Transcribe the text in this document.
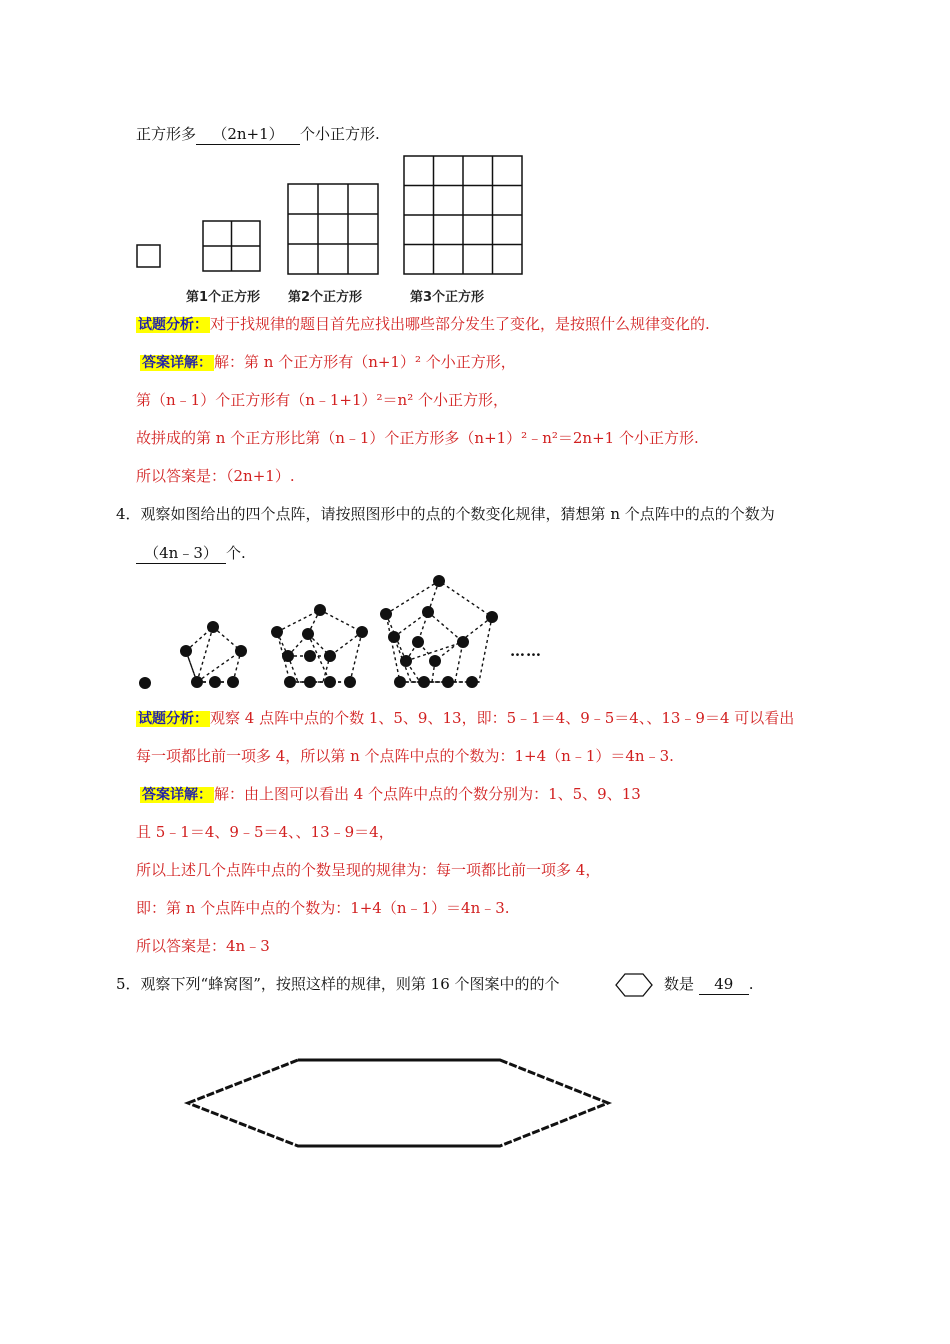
正方形多 （2n+1） 个小正方形.
第1个正方形 第2个正方形	第3个正方形
试题分析： 对于找规律的题目首先应找出哪些部分发生了变化，是按照什么规律变化的.
答案详解： 解：第 n 个正方形有（n+1）² 个小正方形，
第（n﹣1）个正方形有（n﹣1+1）²＝n² 个小正方形，
故拼成的第 n 个正方形比第（n﹣1）个正方形多（n+1）²﹣n²＝2n+1 个小正方形.
所以答案是：（2n+1）.
4．观察如图给出的四个点阵，请按照图形中的点的个数变化规律，猜想第 n 个点阵中的点的个数为
（4n﹣3） 个.
……
试题分析： 观察 4 点阵中点的个数 1、5、9、13，即：5﹣1＝4、9﹣5＝4、、13﹣9＝4 可以看出
每一项都比前一项多 4，所以第 n 个点阵中点的个数为：1+4（n﹣1）＝4n﹣3.
答案详解： 解：由上图可以看出 4 个点阵中点的个数分别为：1、5、9、13
且 5﹣1＝4、9﹣5＝4、、13﹣9＝4，
所以上述几个点阵中点的个数呈现的规律为：每一项都比前一项多 4，
即：第 n 个点阵中点的个数为：1+4（n﹣1）＝4n﹣3.
所以答案是：4n﹣3
5．观察下列“蜂窝图”，按照这样的规律，则第 16 个图案中的的个	数是 49 .
